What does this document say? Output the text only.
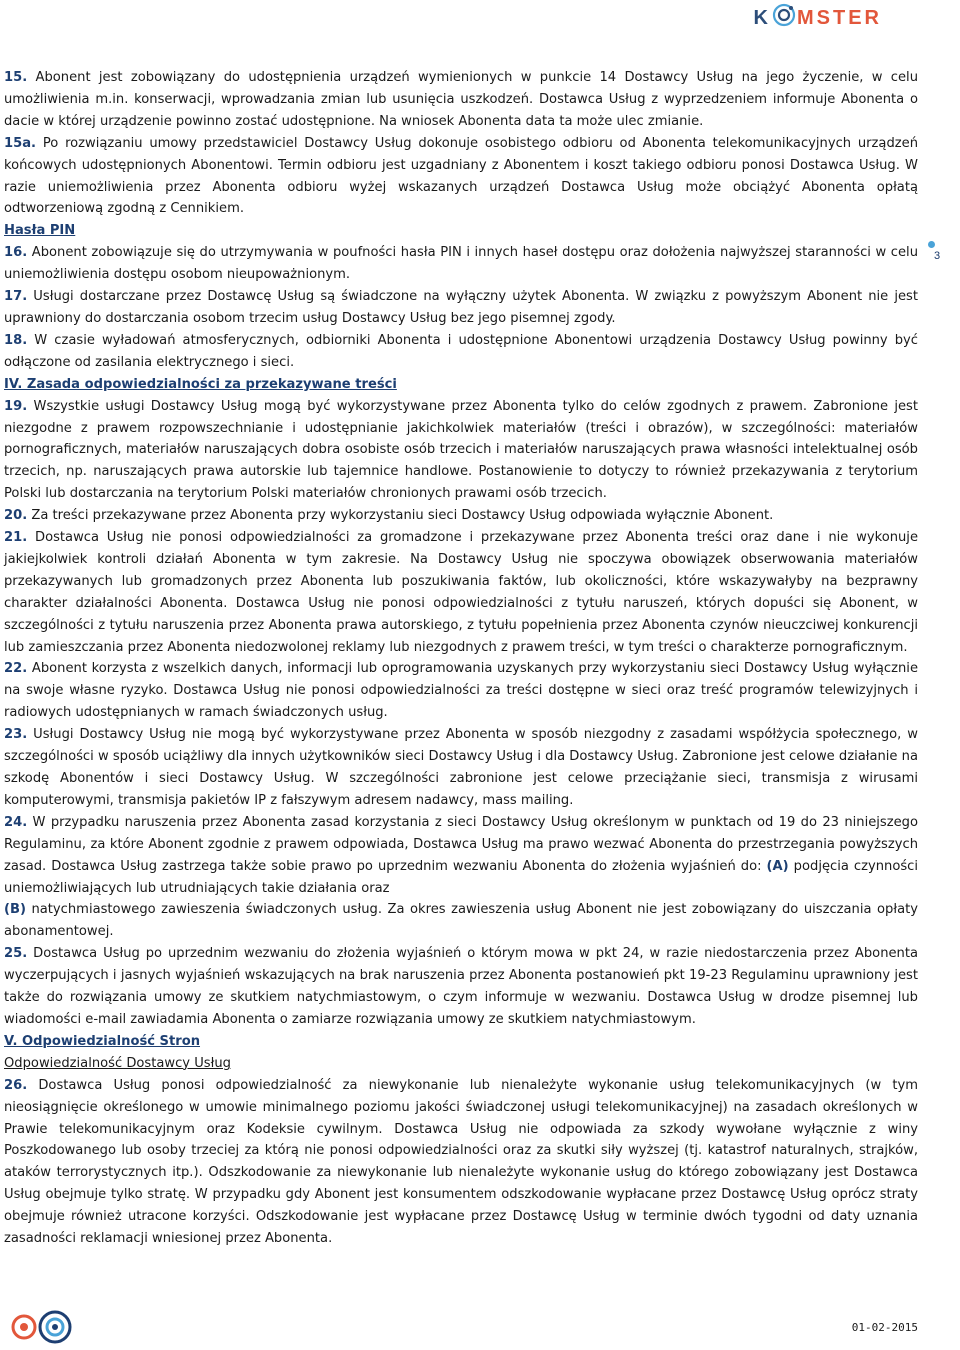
K MSTER
3

15. Abonent jest zobowiązany do udostępnienia urządzeń wymienionych w punkcie 14 Dostawcy Usług na jego życzenie, w celu umożliwienia m.in. konserwacji, wprowadzania zmian lub usunięcia uszkodzeń. Dostawca Usług z wyprzedzeniem informuje Abonenta o dacie w której urządzenie powinno zostać udostępnione. Na wniosek Abonenta data ta może ulec zmianie.

15a. Po rozwiązaniu umowy przedstawiciel Dostawcy Usług dokonuje osobistego odbioru od Abonenta telekomunikacyjnych urządzeń końcowych udostępnionych Abonentowi. Termin odbioru jest uzgadniany z Abonentem i koszt takiego odbioru ponosi Dostawca Usług. W razie uniemożliwienia przez Abonenta odbioru wyżej wskazanych urządzeń Dostawca Usług może obciążyć Abonenta opłatą odtworzeniową zgodną z Cennikiem.

Hasła PIN

16. Abonent zobowiązuje się do utrzymywania w poufności hasła PIN i innych haseł dostępu oraz dołożenia najwyższej staranności w celu uniemożliwienia dostępu osobom nieupoważnionym.

17. Usługi dostarczane przez Dostawcę Usług są świadczone na wyłączny użytek Abonenta. W związku z powyższym Abonent nie jest uprawniony do dostarczania osobom trzecim usług Dostawcy Usług bez jego pisemnej zgody.

18. W czasie wyładowań atmosferycznych, odbiorniki Abonenta i udostępnione Abonentowi urządzenia Dostawcy Usług powinny być odłączone od zasilania elektrycznego i sieci.

IV. Zasada odpowiedzialności za przekazywane treści

19. Wszystkie usługi Dostawcy Usług mogą być wykorzystywane przez Abonenta tylko do celów zgodnych z prawem. Zabronione jest niezgodne z prawem rozpowszechnianie i udostępnianie jakichkolwiek materiałów (treści i obrazów), w szczególności: materiałów pornograficznych, materiałów naruszających dobra osobiste osób trzecich i materiałów naruszających prawa własności intelektualnej osób trzecich, np. naruszających prawa autorskie lub tajemnice handlowe. Postanowienie to dotyczy to również przekazywania z terytorium Polski lub dostarczania na terytorium Polski materiałów chronionych prawami osób trzecich.

20. Za treści przekazywane przez Abonenta przy wykorzystaniu sieci Dostawcy Usług odpowiada wyłącznie Abonent.

21. Dostawca Usług nie ponosi odpowiedzialności za gromadzone i przekazywane przez Abonenta treści oraz dane i nie wykonuje jakiejkolwiek kontroli działań Abonenta w tym zakresie. Na Dostawcy Usług nie spoczywa obowiązek obserwowania materiałów przekazywanych lub gromadzonych przez Abonenta lub poszukiwania faktów, lub okoliczności, które wskazywałyby na bezprawny charakter działalności Abonenta. Dostawca Usług nie ponosi odpowiedzialności z tytułu naruszeń, których dopuści się Abonent, w szczególności z tytułu naruszenia przez Abonenta prawa autorskiego, z tytułu popełnienia przez Abonenta czynów nieuczciwej konkurencji lub zamieszczania przez Abonenta niedozwolonej reklamy lub niezgodnych z prawem treści, w tym treści o charakterze pornograficznym.

22. Abonent korzysta z wszelkich danych, informacji lub oprogramowania uzyskanych przy wykorzystaniu sieci Dostawcy Usług wyłącznie na swoje własne ryzyko. Dostawca Usług nie ponosi odpowiedzialności za treści dostępne w sieci oraz treść programów telewizyjnych i radiowych udostępnianych w ramach świadczonych usług.

23. Usługi Dostawcy Usług nie mogą być wykorzystywane przez Abonenta w sposób niezgodny z zasadami współżycia społecznego, w szczególności w sposób uciążliwy dla innych użytkowników sieci Dostawcy Usług i dla Dostawcy Usług. Zabronione jest celowe działanie na szkodę Abonentów i sieci Dostawcy Usług. W szczególności zabronione jest celowe przeciążanie sieci, transmisja z wirusami komputerowymi, transmisja pakietów IP z fałszywym adresem nadawcy, mass mailing.

24. W przypadku naruszenia przez Abonenta zasad korzystania z sieci Dostawcy Usług określonym w punktach od 19 do 23 niniejszego Regulaminu, za które Abonent zgodnie z prawem odpowiada, Dostawca Usług ma prawo wezwać Abonenta do przestrzegania powyższych zasad. Dostawca Usług zastrzega także sobie prawo po uprzednim wezwaniu Abonenta do złożenia wyjaśnień do: (A) podjęcia czynności uniemożliwiających lub utrudniających takie działania oraz

(B) natychmiastowego zawieszenia świadczonych usług. Za okres zawieszenia usług Abonent nie jest zobowiązany do uiszczania opłaty abonamentowej.

25. Dostawca Usług po uprzednim wezwaniu do złożenia wyjaśnień o którym mowa w pkt 24, w razie niedostarczenia przez Abonenta wyczerpujących i jasnych wyjaśnień wskazujących na brak naruszenia przez Abonenta postanowień pkt 19-23 Regulaminu uprawniony jest także do rozwiązania umowy ze skutkiem natychmiastowym, o czym informuje w wezwaniu. Dostawca Usług w drodze pisemnej lub wiadomości e-mail zawiadamia Abonenta o zamiarze rozwiązania umowy ze skutkiem natychmiastowym.

V. Odpowiedzialność Stron

Odpowiedzialność Dostawcy Usług

26. Dostawca Usług ponosi odpowiedzialność za niewykonanie lub nienależyte wykonanie usług telekomunikacyjnych (w tym nieosiągnięcie określonego w umowie minimalnego poziomu jakości świadczonej usługi telekomunikacyjnej) na zasadach określonych w Prawie telekomunikacyjnym oraz Kodeksie cywilnym. Dostawca Usług nie odpowiada za szkody wywołane wyłącznie z winy Poszkodowanego lub osoby trzeciej za którą nie ponosi odpowiedzialności oraz za skutki siły wyższej (tj. katastrof naturalnych, strajków, ataków terrorystycznych itp.). Odszkodowanie za niewykonanie lub nienależyte wykonanie usług do którego zobowiązany jest Dostawca Usług obejmuje tylko stratę. W przypadku gdy Abonent jest konsumentem odszkodowanie wypłacane przez Dostawcę Usług oprócz straty obejmuje również utracone korzyści. Odszkodowanie jest wypłacane przez Dostawcę Usług w terminie dwóch tygodni od daty uznania zasadności reklamacji wniesionej przez Abonenta.

01-02-2015
